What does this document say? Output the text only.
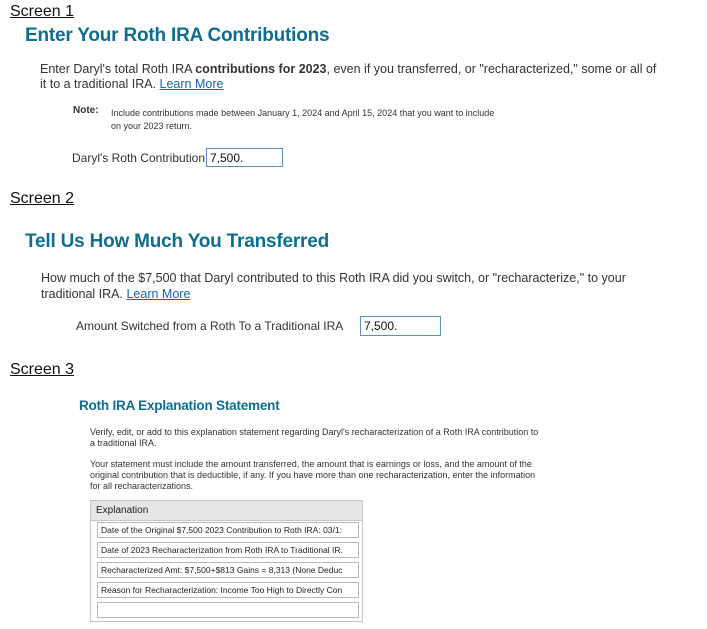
Screen 1
Enter Your Roth IRA Contributions
Enter Daryl's total Roth IRA contributions for 2023, even if you transferred, or "recharacterized," some or all of
it to a traditional IRA. Learn More
Note: Include contributions made between January 1, 2024 and April 15, 2024 that you want to include
on your 2023 return.
Daryl's Roth Contribution
7,500.
Screen 2
Tell Us How Much You Transferred
How much of the $7,500 that Daryl contributed to this Roth IRA did you switch, or "recharacterize," to your
traditional IRA. Learn More
Amount Switched from a Roth To a Traditional IRA
7,500.
Screen 3
Roth IRA Explanation Statement
Verify, edit, or add to this explanation statement regarding Daryl's recharacterization of a Roth IRA contribution to
a traditional IRA.
Your statement must include the amount transferred, the amount that is earnings or loss, and the amount of the
original contribution that is deductible, if any. If you have more than one recharacterization, enter the information
for all recharacterizations.
Explanation
Date of the Original $7,500 2023 Contribution to Roth IRA: 03/1:
Date of 2023 Recharacterization from Roth IRA to Traditional IR.
Recharacterized Amt: $7,500+$813 Gains = 8,313 (None Deduc
Reason for Recharacterization: Income Too High to Directly Con
